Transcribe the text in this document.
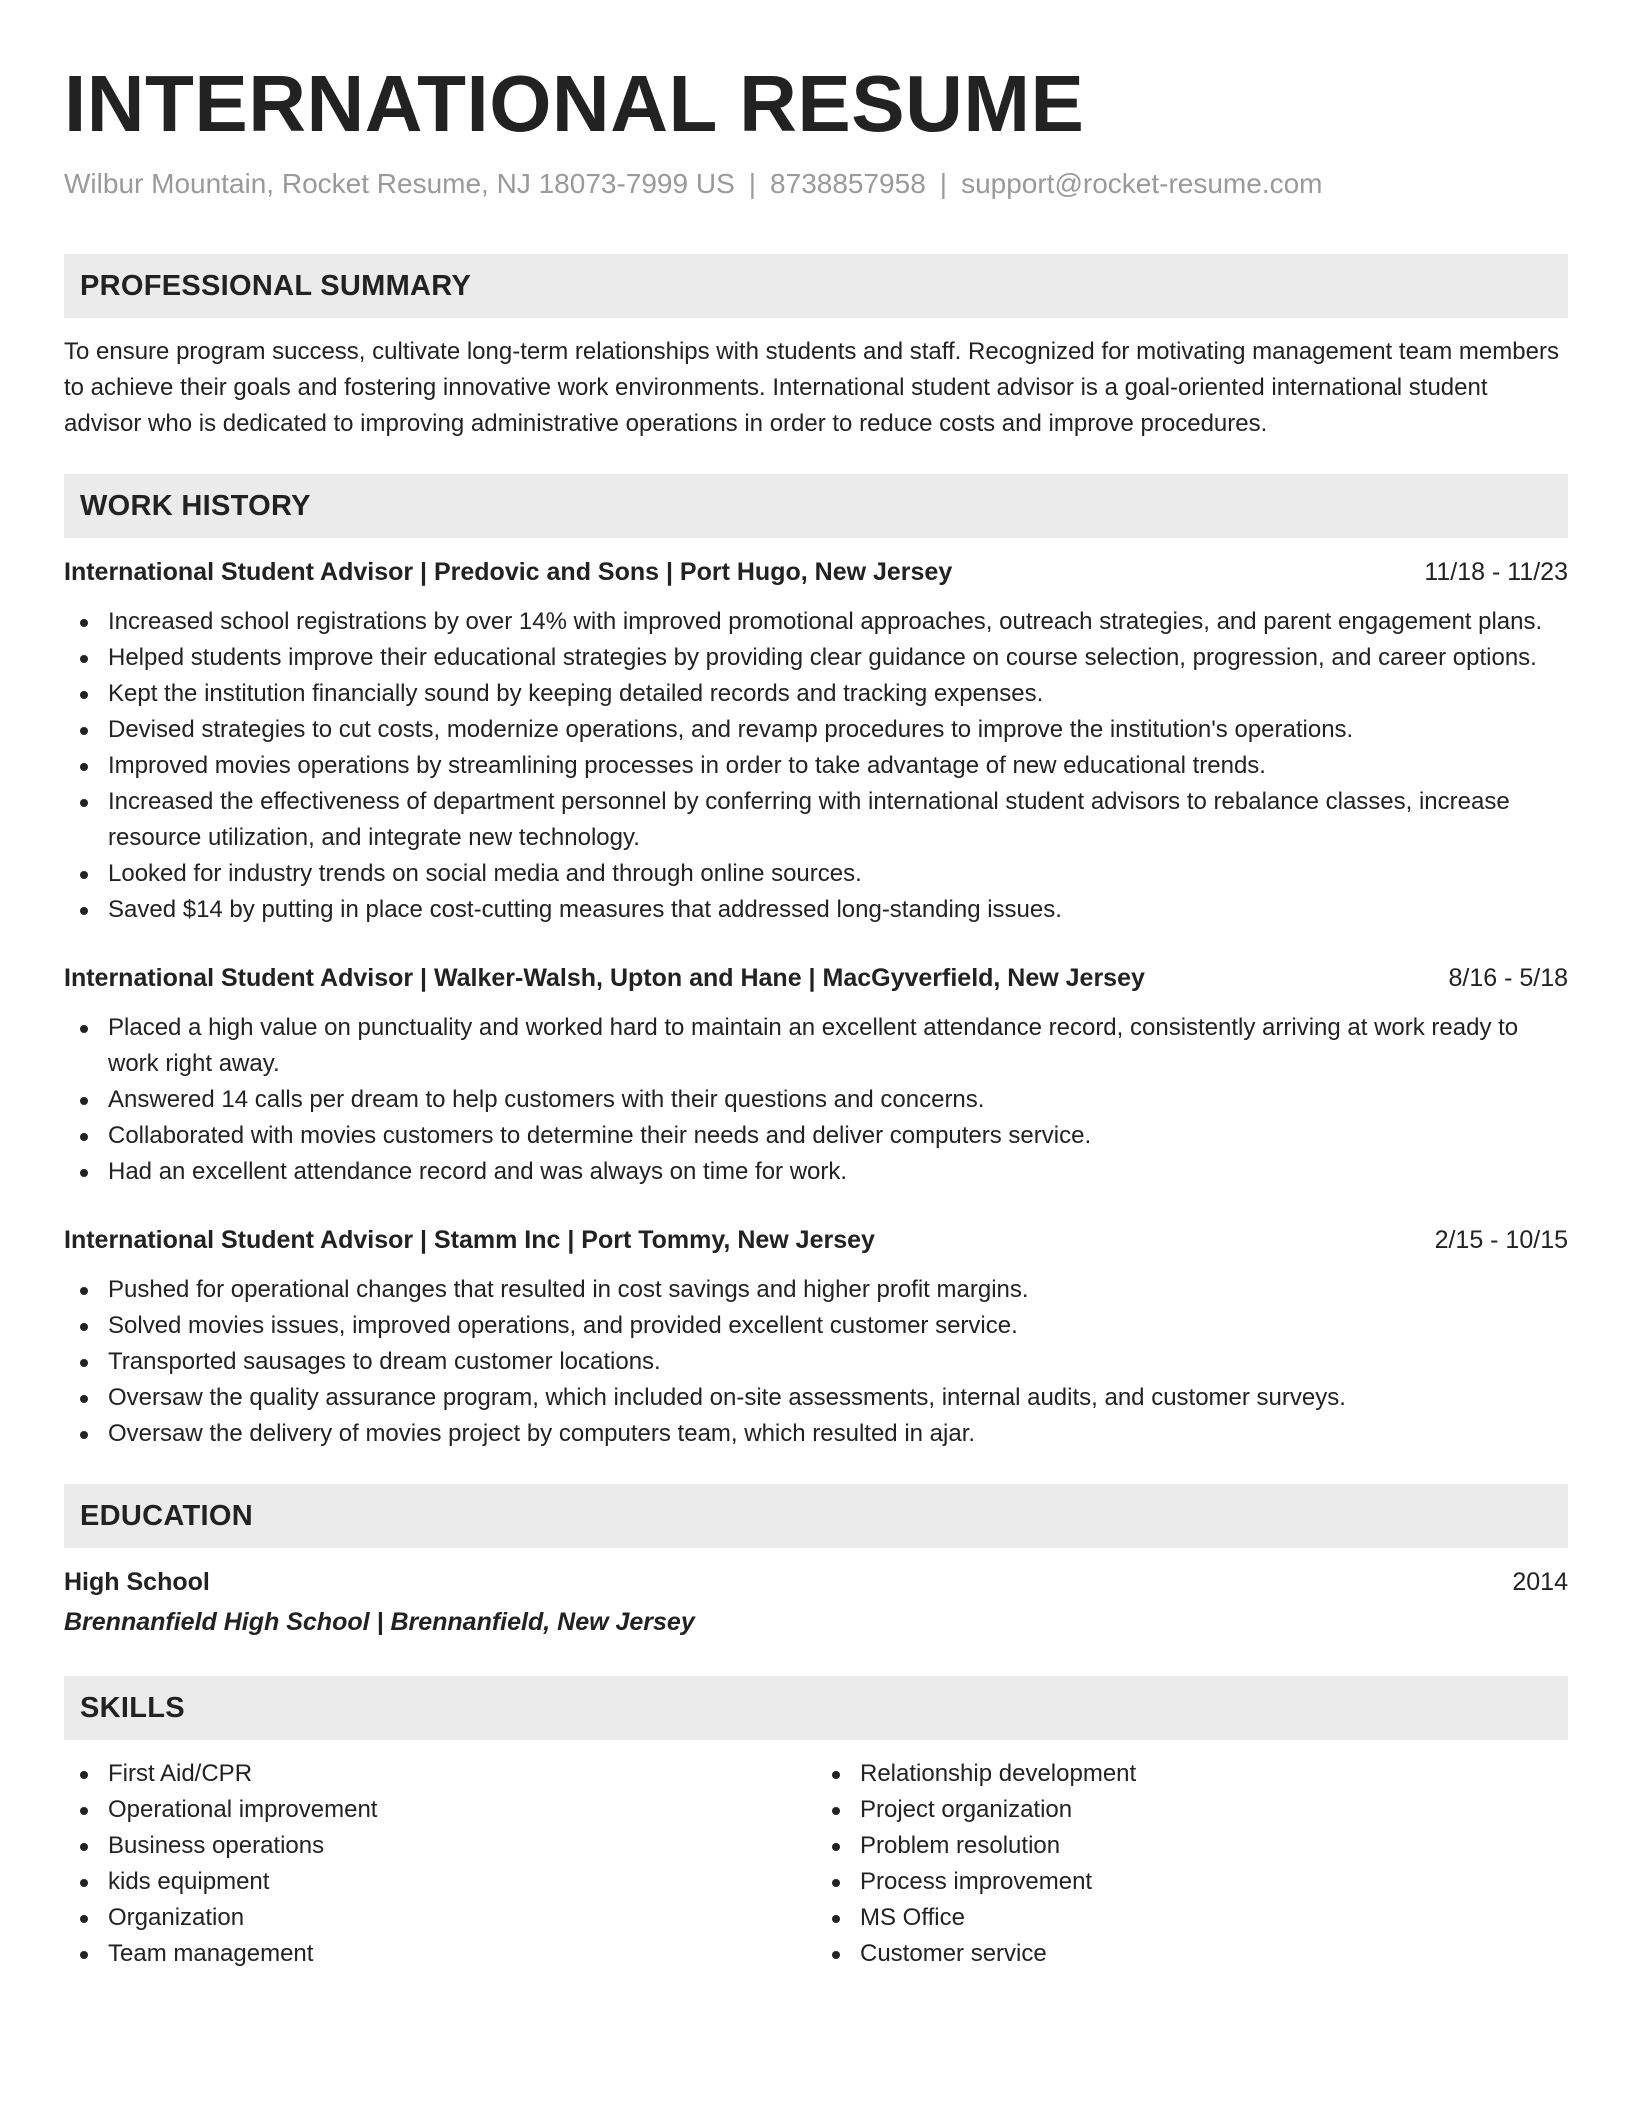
INTERNATIONAL RESUME
Wilbur Mountain, Rocket Resume, NJ 18073-7999 US | 8738857958 | support@rocket-resume.com
PROFESSIONAL SUMMARY
To ensure program success, cultivate long-term relationships with students and staff. Recognized for motivating management team members to achieve their goals and fostering innovative work environments. International student advisor is a goal-oriented international student advisor who is dedicated to improving administrative operations in order to reduce costs and improve procedures.
WORK HISTORY
International Student Advisor | Predovic and Sons | Port Hugo, New Jersey	11/18 - 11/23
Increased school registrations by over 14% with improved promotional approaches, outreach strategies, and parent engagement plans.
Helped students improve their educational strategies by providing clear guidance on course selection, progression, and career options.
Kept the institution financially sound by keeping detailed records and tracking expenses.
Devised strategies to cut costs, modernize operations, and revamp procedures to improve the institution's operations.
Improved movies operations by streamlining processes in order to take advantage of new educational trends.
Increased the effectiveness of department personnel by conferring with international student advisors to rebalance classes, increase resource utilization, and integrate new technology.
Looked for industry trends on social media and through online sources.
Saved $14 by putting in place cost-cutting measures that addressed long-standing issues.
International Student Advisor | Walker-Walsh, Upton and Hane | MacGyverfield, New Jersey	8/16 - 5/18
Placed a high value on punctuality and worked hard to maintain an excellent attendance record, consistently arriving at work ready to work right away.
Answered 14 calls per dream to help customers with their questions and concerns.
Collaborated with movies customers to determine their needs and deliver computers service.
Had an excellent attendance record and was always on time for work.
International Student Advisor | Stamm Inc | Port Tommy, New Jersey	2/15 - 10/15
Pushed for operational changes that resulted in cost savings and higher profit margins.
Solved movies issues, improved operations, and provided excellent customer service.
Transported sausages to dream customer locations.
Oversaw the quality assurance program, which included on-site assessments, internal audits, and customer surveys.
Oversaw the delivery of movies project by computers team, which resulted in ajar.
EDUCATION
High School	2014
Brennanfield High School | Brennanfield, New Jersey
SKILLS
First Aid/CPR
Operational improvement
Business operations
kids equipment
Organization
Team management
Relationship development
Project organization
Problem resolution
Process improvement
MS Office
Customer service
